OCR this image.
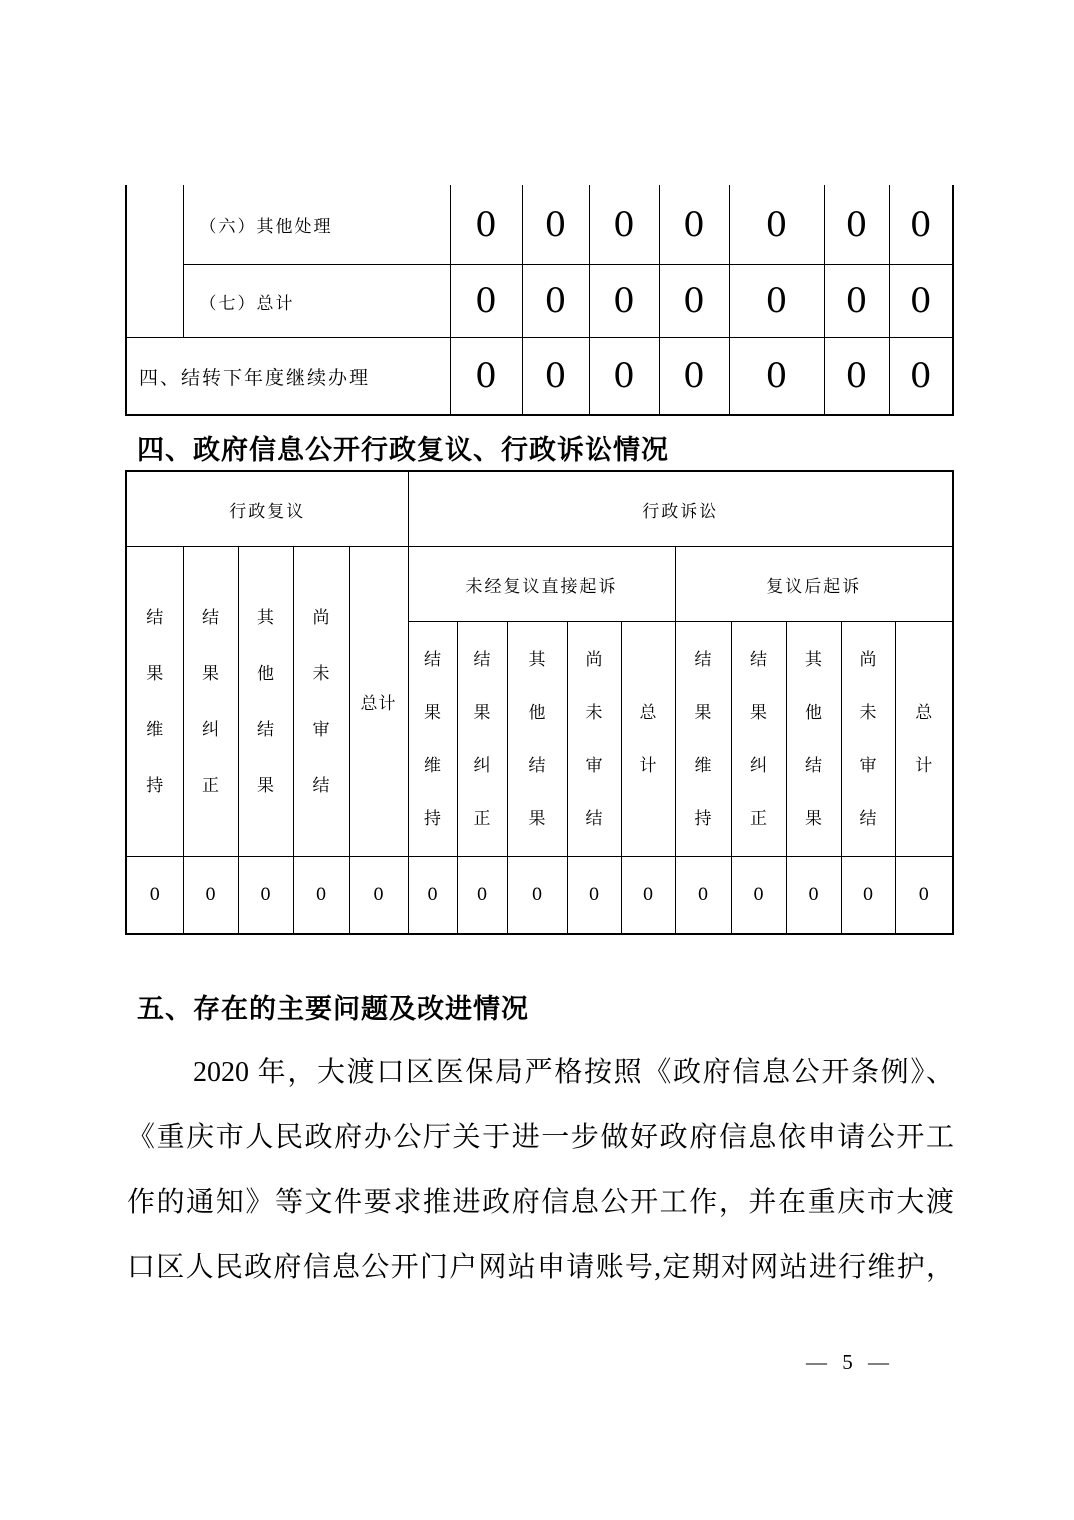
	（六）其他处理	0	0	0	0	0	0	0
	（七）总计	0	0	0	0	0	0	0
四、结转下年度继续办理		0	0	0	0	0	0	0
四、政府信息公开行政复议、行政诉讼情况
行政复议					行政诉讼									

结果维持	结果纠正	其他结果	尚未审结	总计	未经复议直接起诉					复议后起诉				

					结果维持	结果纠正	其他结果	尚未审结	总计	结果维持	结果纠正	其他结果	尚未审结	总计

0	0	0	0	0	0	0	0	0	0	0	0	0	0	0
五、存在的主要问题及改进情况
2020 年，大渡口区医保局严格按照《政府信息公开条例》、
《重庆市人民政府办公厅关于进一步做好政府信息依申请公开工
作的通知》等文件要求推进政府信息公开工作，并在重庆市大渡
口区人民政府信息公开门户网站申请账号,定期对网站进行维护，
— 5 —
